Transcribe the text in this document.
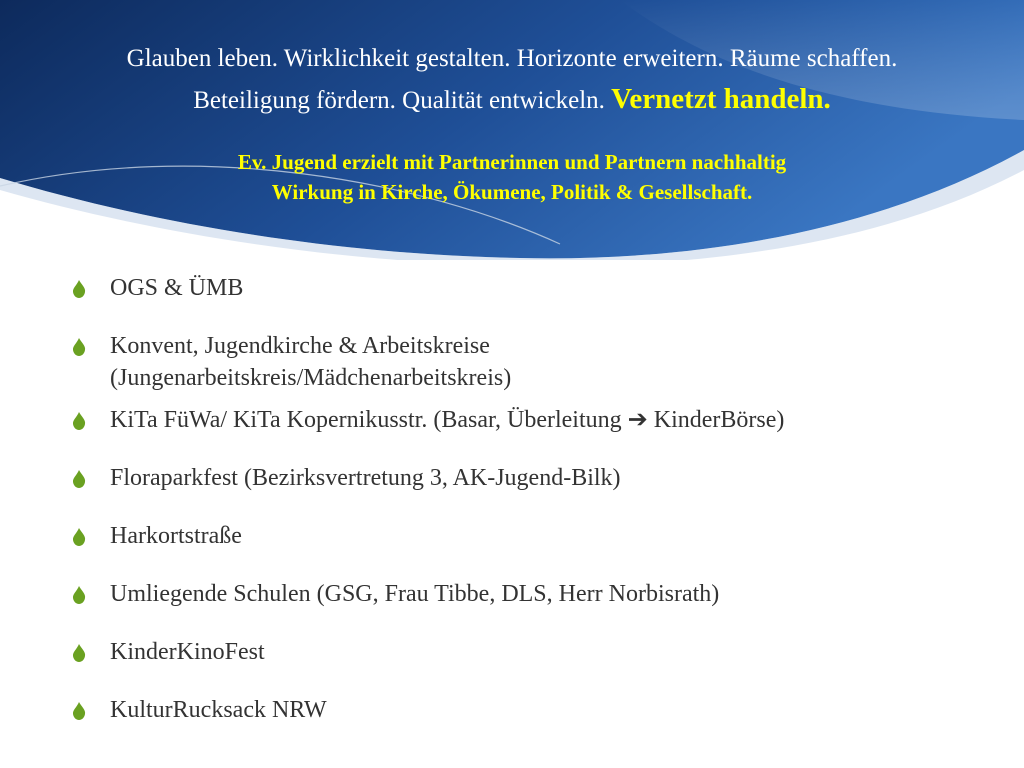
Glauben leben. Wirklichkeit gestalten. Horizonte erweitern. Räume schaffen.
Beteiligung fördern. Qualität entwickeln. Vernetzt handeln.
Ev. Jugend erzielt mit Partnerinnen und Partnern nachhaltig
Wirkung in Kirche, Ökumene, Politik & Gesellschaft.
OGS & ÜMB
Konvent, Jugendkirche & Arbeitskreise
(Jungenarbeitskreis/Mädchenarbeitskreis)
KiTa FüWa/ KiTa Kopernikusstr. (Basar, Überleitung ➔ KinderBörse)
Floraparkfest (Bezirksvertretung 3, AK-Jugend-Bilk)
Harkortstraße
Umliegende Schulen (GSG, Frau Tibbe, DLS, Herr Norbisrath)
KinderKinoFest
KulturRucksack NRW
